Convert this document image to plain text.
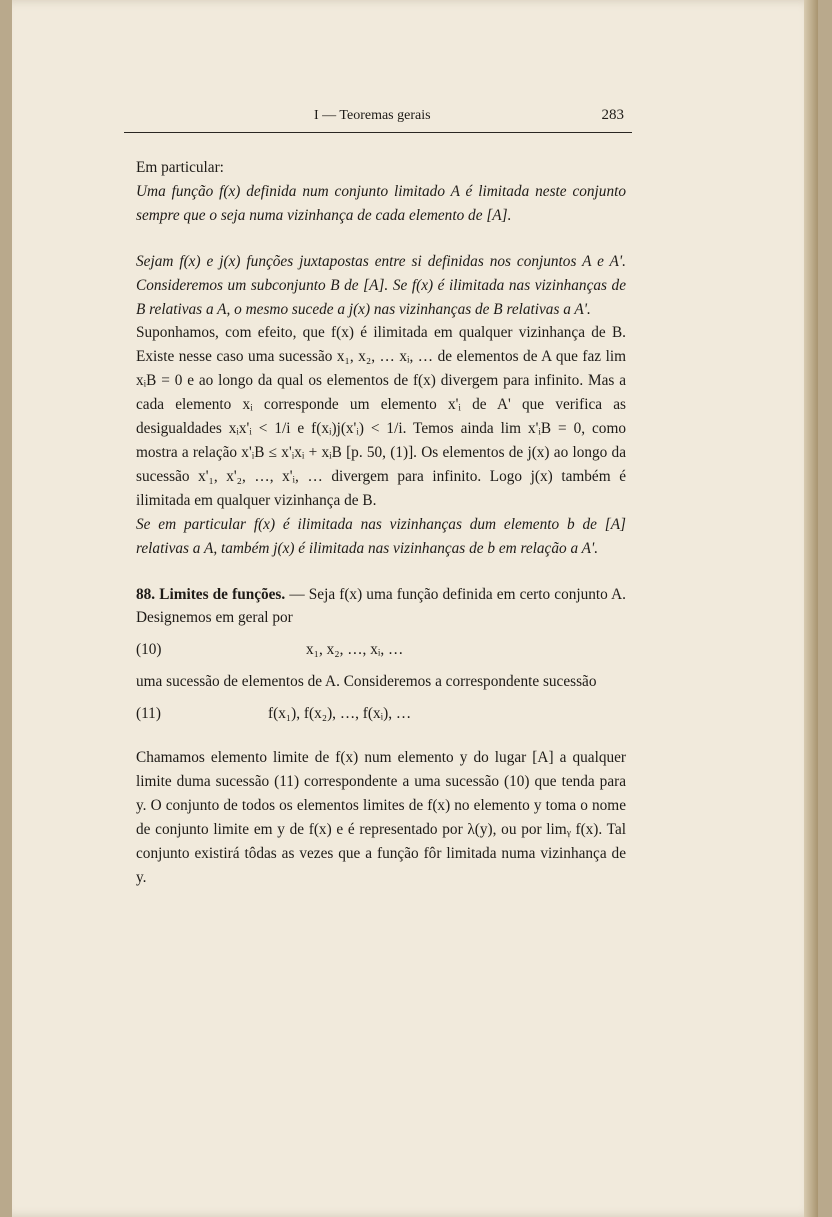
I — Teoremas gerais	283

Em particular:

Uma função f(x) definida num conjunto limitado A é limitada neste conjunto sempre que o seja numa vizinhança de cada elemento de [A].

Sejam f(x) e j(x) funções juxtapostas entre si definidas nos conjuntos A e A'. Consideremos um subconjunto B de [A]. Se f(x) é ilimitada nas vizinhanças de B relativas a A, o mesmo sucede a j(x) nas vizinhanças de B relativas a A'.

Suponhamos, com efeito, que f(x) é ilimitada em qualquer vizinhança de B. Existe nesse caso uma sucessão x₁, x₂, … xᵢ, … de elementos de A que faz lim xᵢB = 0 e ao longo da qual os elementos de f(x) divergem para infinito. Mas a cada elemento xᵢ corresponde um elemento x'ᵢ de A' que verifica as desigualdades xᵢx'ᵢ < 1/i e f(xᵢ)j(x'ᵢ) < 1/i. Temos ainda lim x'ᵢB = 0, como mostra a relação x'ᵢB ≤ x'ᵢxᵢ + xᵢB [p. 50, (1)]. Os elementos de j(x) ao longo da sucessão x'₁, x'₂, …, x'ᵢ, … divergem para infinito. Logo j(x) também é ilimitada em qualquer vizinhança de B.

Se em particular f(x) é ilimitada nas vizinhanças dum elemento b de [A] relativas a A, também j(x) é ilimitada nas vizinhanças de b em relação a A'.

88. Limites de funções. — Seja f(x) uma função definida em certo conjunto A. Designemos em geral por

(10)	x₁, x₂, …, xᵢ, …

uma sucessão de elementos de A. Consideremos a correspondente sucessão

(11)	f(x₁), f(x₂), …, f(xᵢ), …

Chamamos elemento limite de f(x) num elemento y do lugar [A] a qualquer limite duma sucessão (11) correspondente a uma sucessão (10) que tenda para y. O conjunto de todos os elementos limites de f(x) no elemento y toma o nome de conjunto limite em y de f(x) e é representado por λ(y), ou por limᵧ f(x). Tal conjunto existirá tôdas as vezes que a função fôr limitada numa vizinhança de y.
